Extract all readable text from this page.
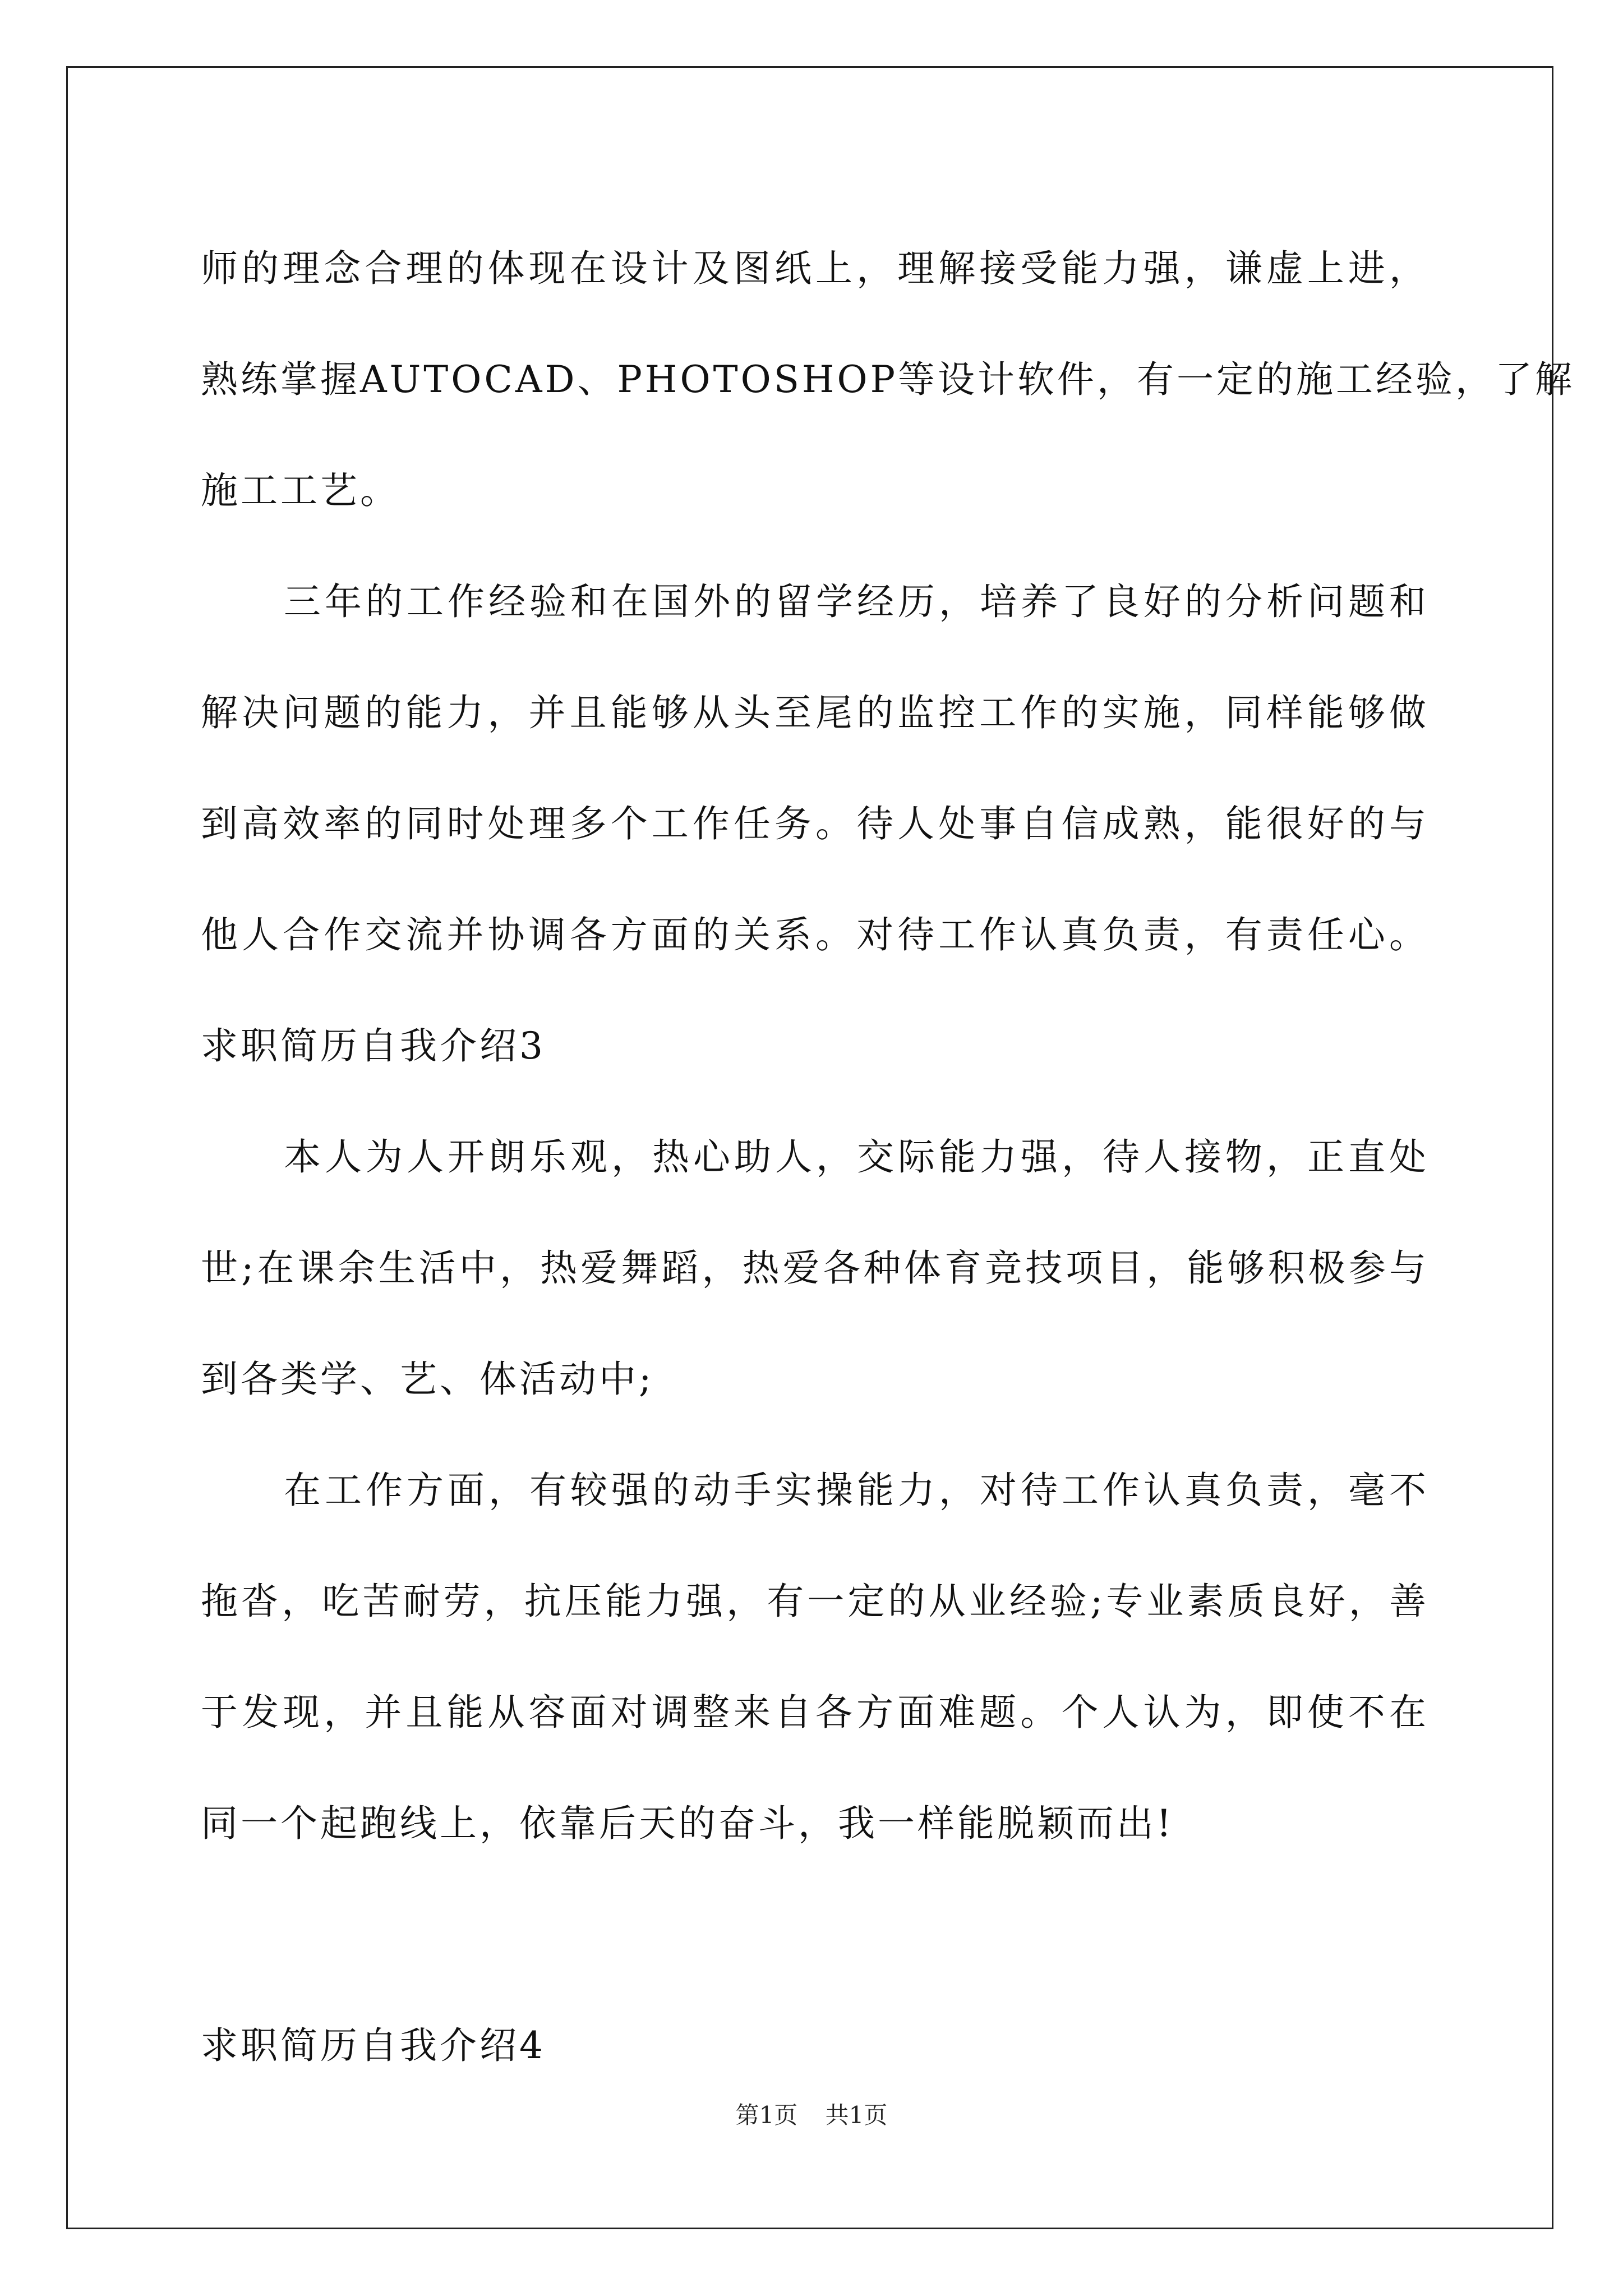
师的理念合理的体现在设计及图纸上，理解接受能力强，谦虚上进，
熟练掌握AUTOCAD、PHOTOSHOP等设计软件，有一定的施工经验，了解
施工工艺。
三年的工作经验和在国外的留学经历，培养了良好的分析问题和
解决问题的能力，并且能够从头至尾的监控工作的实施，同样能够做
到高效率的同时处理多个工作任务。待人处事自信成熟，能很好的与
他人合作交流并协调各方面的关系。对待工作认真负责，有责任心。
求职简历自我介绍3
本人为人开朗乐观，热心助人，交际能力强，待人接物，正直处
世;在课余生活中，热爱舞蹈，热爱各种体育竞技项目，能够积极参与
到各类学、艺、体活动中;
在工作方面，有较强的动手实操能力，对待工作认真负责，毫不
拖沓，吃苦耐劳，抗压能力强，有一定的从业经验;专业素质良好，善
于发现，并且能从容面对调整来自各方面难题。个人认为，即使不在
同一个起跑线上，依靠后天的奋斗，我一样能脱颖而出!
求职简历自我介绍4
第1页 共1页
